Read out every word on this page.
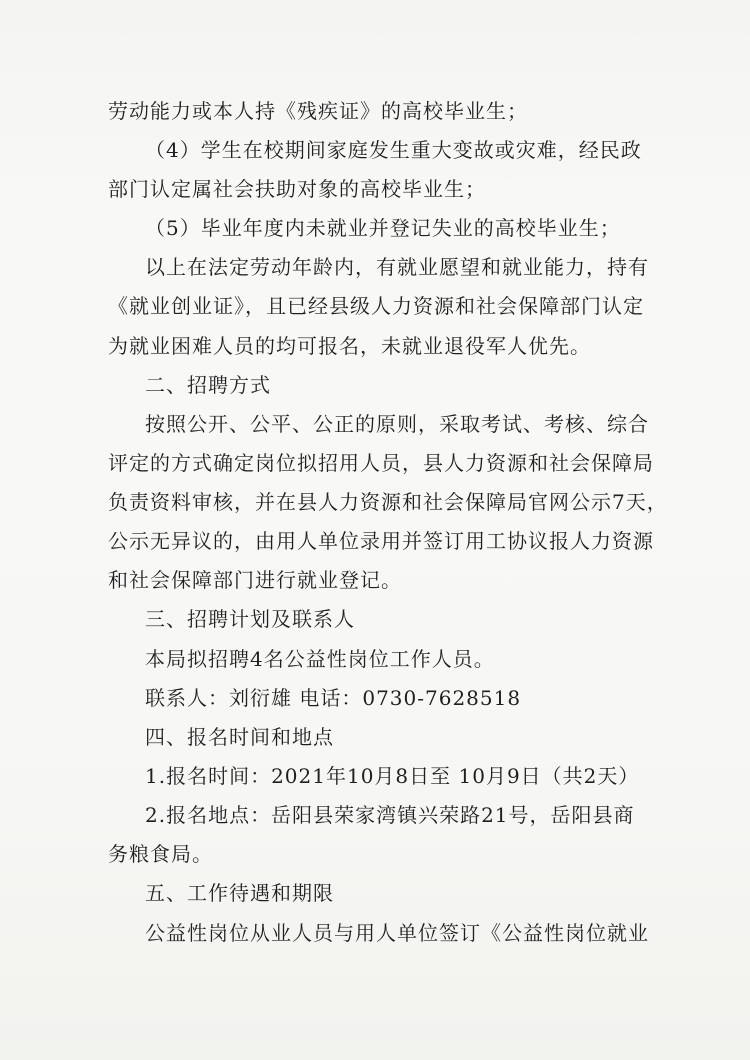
劳动能力或本人持《残疾证》的高校毕业生；
（4）学生在校期间家庭发生重大变故或灾难，经民政
部门认定属社会扶助对象的高校毕业生；
（5）毕业年度内未就业并登记失业的高校毕业生；
以上在法定劳动年龄内，有就业愿望和就业能力，持有
《就业创业证》，且已经县级人力资源和社会保障部门认定
为就业困难人员的均可报名，未就业退役军人优先。
二、招聘方式
按照公开、公平、公正的原则，采取考试、考核、综合
评定的方式确定岗位拟招用人员，县人力资源和社会保障局
负责资料审核，并在县人力资源和社会保障局官网公示7天，
公示无异议的，由用人单位录用并签订用工协议报人力资源
和社会保障部门进行就业登记。
三、招聘计划及联系人
本局拟招聘4名公益性岗位工作人员。
联系人：刘衍雄 电话：0730-7628518
四、报名时间和地点
1.报名时间：2021年10月8日至 10月9日（共2天）
2.报名地点：岳阳县荣家湾镇兴荣路21号，岳阳县商
务粮食局。
五、工作待遇和期限
公益性岗位从业人员与用人单位签订《公益性岗位就业
